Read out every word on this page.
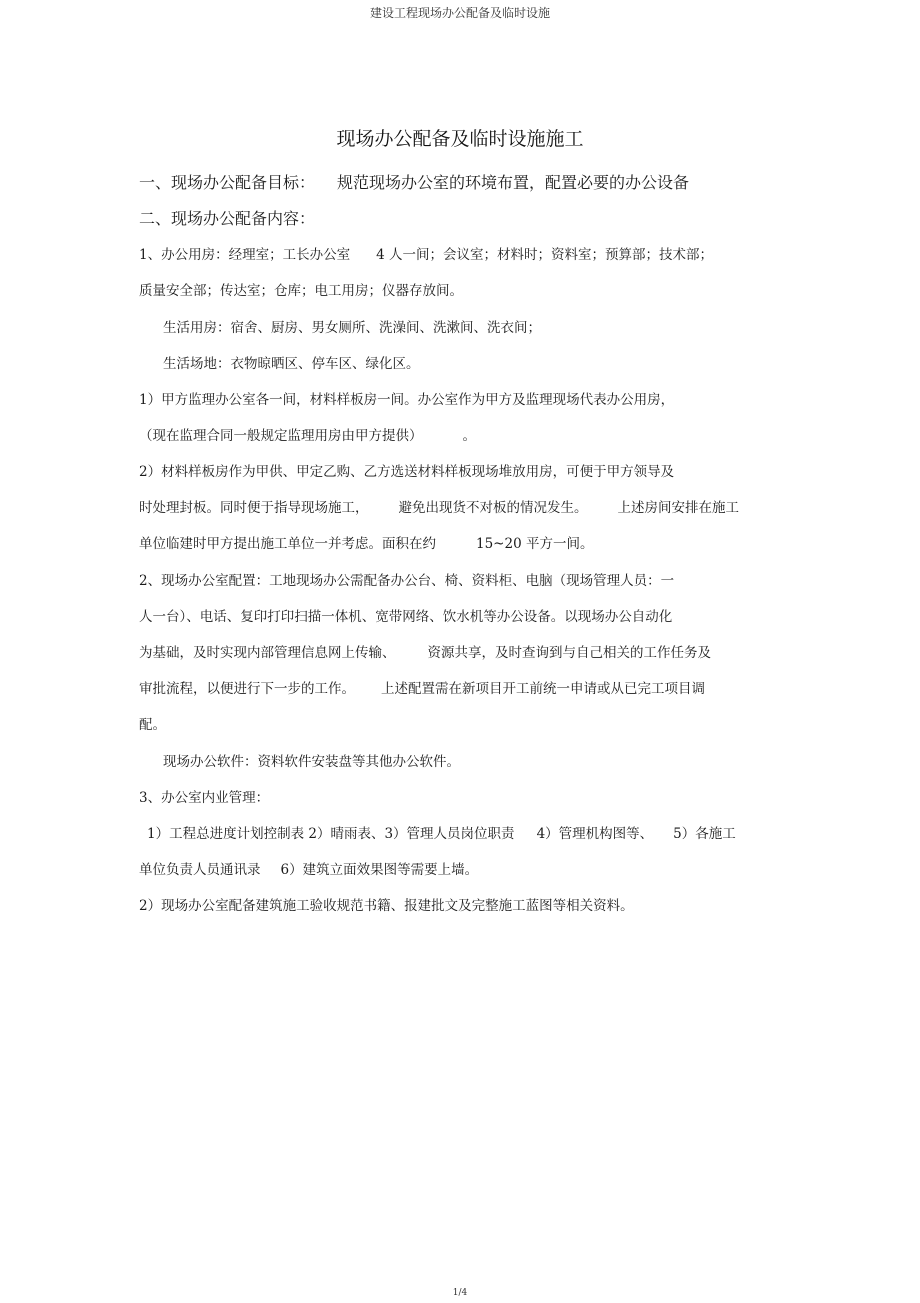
建设工程现场办公配备及临时设施
现场办公配备及临时设施施工
一、现场办公配备目标： 规范现场办公室的环境布置，配置必要的办公设备
二、现场办公配备内容：
1、办公用房：经理室；工长办公室 4 人一间；会议室；材料时；资料室；预算部；技术部；
质量安全部；传达室；仓库；电工用房；仪器存放间。
生活用房：宿舍、厨房、男女厕所、洗澡间、洗漱间、洗衣间；
生活场地：衣物晾晒区、停车区、绿化区。
1）甲方监理办公室各一间，材料样板房一间。办公室作为甲方及监理现场代表办公用房，
（现在监理合同一般规定监理用房由甲方提供）	。
2）材料样板房作为甲供、甲定乙购、乙方选送材料样板现场堆放用房，可便于甲方领导及
时处理封板。同时便于指导现场施工， 避免出现货不对板的情况发生。 上述房间安排在施工
单位临建时甲方提出施工单位一并考虑。面积在约	15~20 平方一间。
2、现场办公室配置：工地现场办公需配备办公台、椅、资料柜、电脑（现场管理人员：一
人一台）、电话、复印打印扫描一体机、宽带网络、饮水机等办公设备。以现场办公自动化
为基础，及时实现内部管理信息网上传输、 资源共享，及时查询到与自己相关的工作任务及
审批流程，以便进行下一步的工作。 上述配置需在新项目开工前统一申请或从已完工项目调
配。
现场办公软件：资料软件安装盘等其他办公软件。
3、办公室内业管理：
1）工程总进度计划控制表 2）晴雨表、3）管理人员岗位职责 4）管理机构图等、 5）各施工
单位负责人员通讯录 6）建筑立面效果图等需要上墙。
2）现场办公室配备建筑施工验收规范书籍、报建批文及完整施工蓝图等相关资料。
1/4
